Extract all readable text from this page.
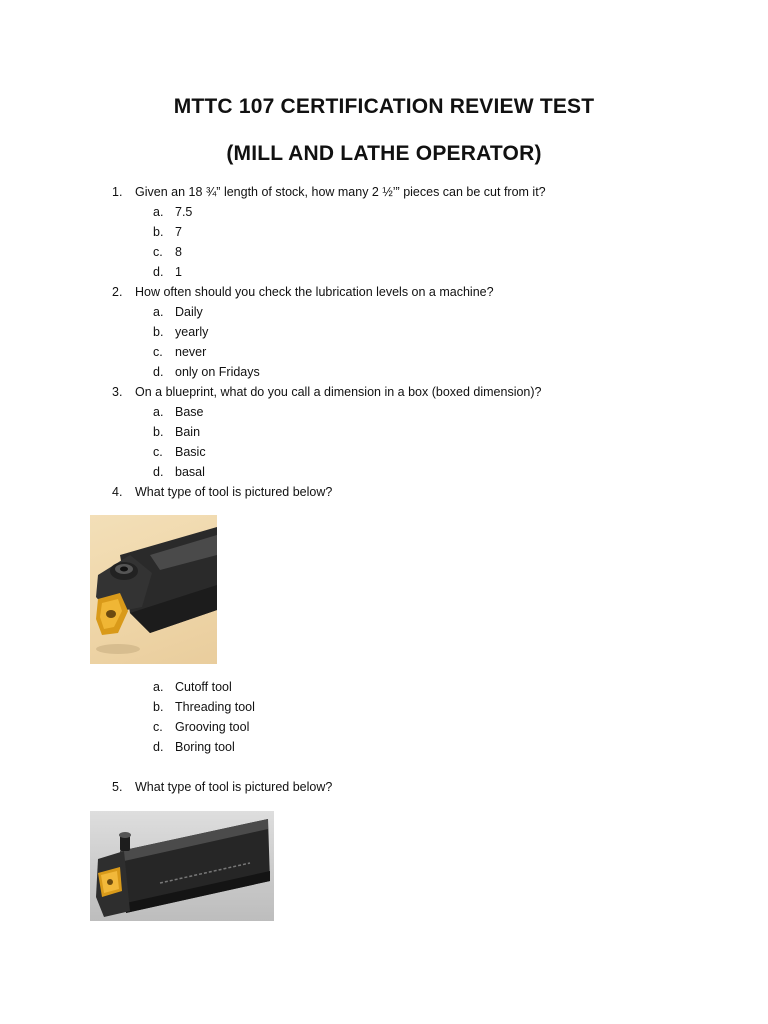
MTTC 107 CERTIFICATION REVIEW TEST
(MILL AND LATHE OPERATOR)
1.	Given an 18 ¾” length of stock, how many 2 ½’” pieces can be cut from it?
a. 7.5
b. 7
c. 8
d. 1
2.	How often should you check the lubrication levels on a machine?
a. Daily
b. yearly
c. never
d. only on Fridays
3.	On a blueprint, what do you call a dimension in a box (boxed dimension)?
a. Base
b. Bain
c. Basic
d. basal
4.	What type of tool is pictured below?
a. Cutoff tool
b. Threading tool
c. Grooving tool
d. Boring tool
5.	What type of tool is pictured below?
